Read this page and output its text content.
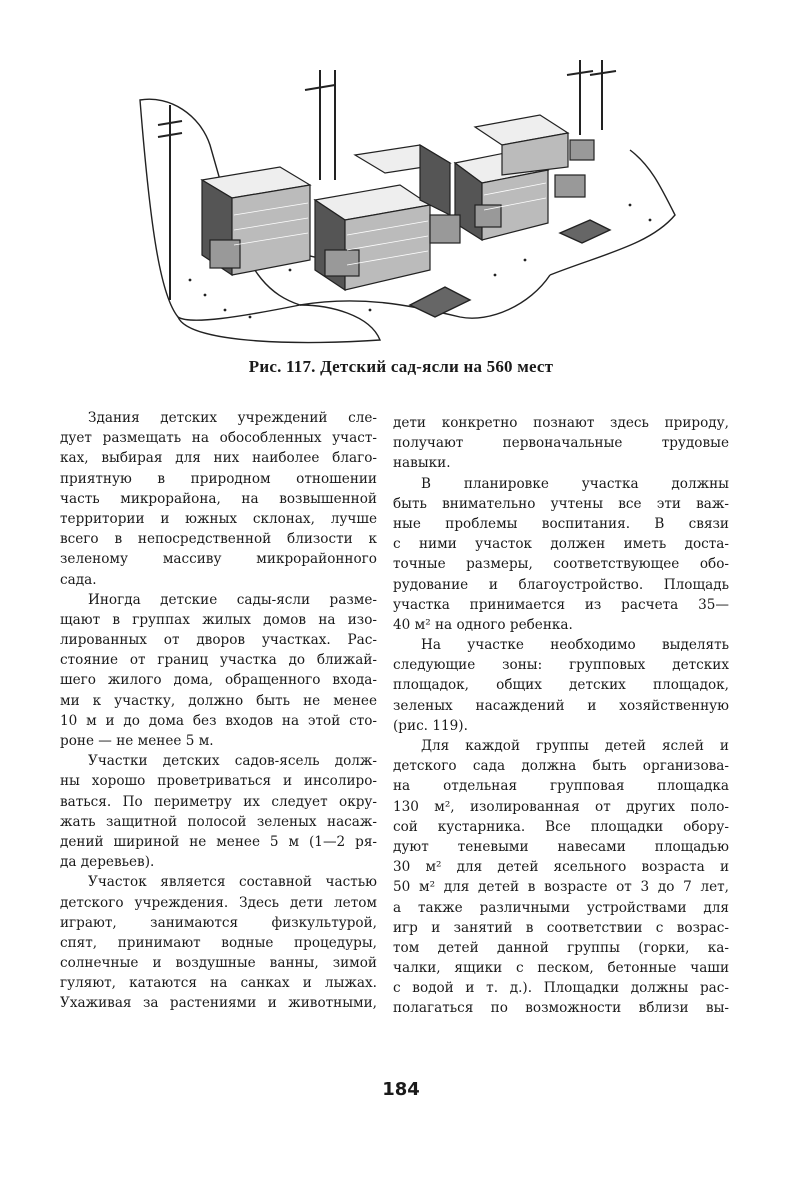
Рис. 117. Детский сад-ясли на 560 мест
Здания детских учреждений сле-
дует размещать на обособленных участ-
ках, выбирая для них наиболее благо-
приятную в природном отношении
часть микрорайона, на возвышенной
территории и южных склонах, лучше
всего в непосредственной близости к
зеленому массиву микрорайонного
сада.
Иногда детские сады-ясли разме-
щают в группах жилых домов на изо-
лированных от дворов участках. Рас-
стояние от границ участка до ближай-
шего жилого дома, обращенного входа-
ми к участку, должно быть не менее
10 м и до дома без входов на этой сто-
роне — не менее 5 м.
Участки детских садов-ясель долж-
ны хорошо проветриваться и инсолиро-
ваться. По периметру их следует окру-
жать защитной полосой зеленых насаж-
дений шириной не менее 5 м (1—2 ря-
да деревьев).
Участок является составной частью
детского учреждения. Здесь дети летом
играют, занимаются физкультурой,
спят, принимают водные процедуры,
солнечные и воздушные ванны, зимой
гуляют, катаются на санках и лыжах.
Ухаживая за растениями и животными,
дети конкретно познают здесь природу,
получают первоначальные трудовые
навыки.
В планировке участка должны
быть внимательно учтены все эти важ-
ные проблемы воспитания. В связи
с ними участок должен иметь доста-
точные размеры, соответствующее обо-
рудование и благоустройство. Площадь
участка принимается из расчета 35—
40 м² на одного ребенка.
На участке необходимо выделять
следующие зоны: групповых детских
площадок, общих детских площадок,
зеленых насаждений и хозяйственную
(рис. 119).
Для каждой группы детей яслей и
детского сада должна быть организова-
на отдельная групповая площадка
130 м², изолированная от других поло-
сой кустарника. Все площадки обору-
дуют теневыми навесами площадью
30 м² для детей ясельного возраста и
50 м² для детей в возрасте от 3 до 7 лет,
а также различными устройствами для
игр и занятий в соответствии с возрас-
том детей данной группы (горки, ка-
чалки, ящики с песком, бетонные чаши
с водой и т. д.). Площадки должны рас-
полагаться по возможности вблизи вы-
184
